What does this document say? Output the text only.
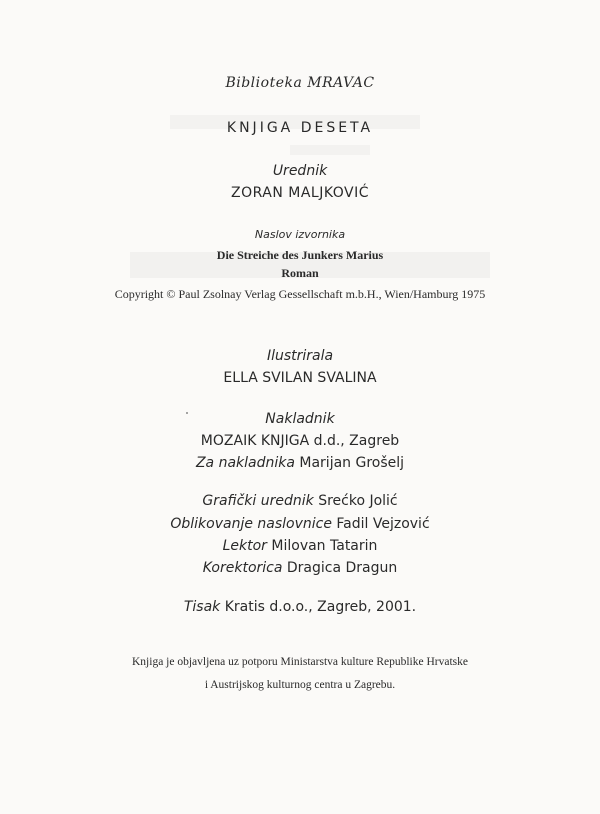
Biblioteka MRAVAC
KNJIGA DESETA
Urednik
ZORAN MALJKOVIĆ
Naslov izvornika
Die Streiche des Junkers Marius
Roman
Copyright © Paul Zsolnay Verlag Gessellschaft m.b.H., Wien/Hamburg 1975
Ilustrirala
ELLA SVILAN SVALINA
Nakladnik
MOZAIK KNJIGA d.d., Zagreb
Za nakladnika Marijan Grošelj
Grafički urednik Srećko Jolić
Oblikovanje naslovnice Fadil Vejzović
Lektor Milovan Tatarin
Korektorica Dragica Dragun
Tisak Kratis d.o.o., Zagreb, 2001.
Knjiga je objavljena uz potporu Ministarstva kulture Republike Hrvatske
i Austrijskog kulturnog centra u Zagrebu.
